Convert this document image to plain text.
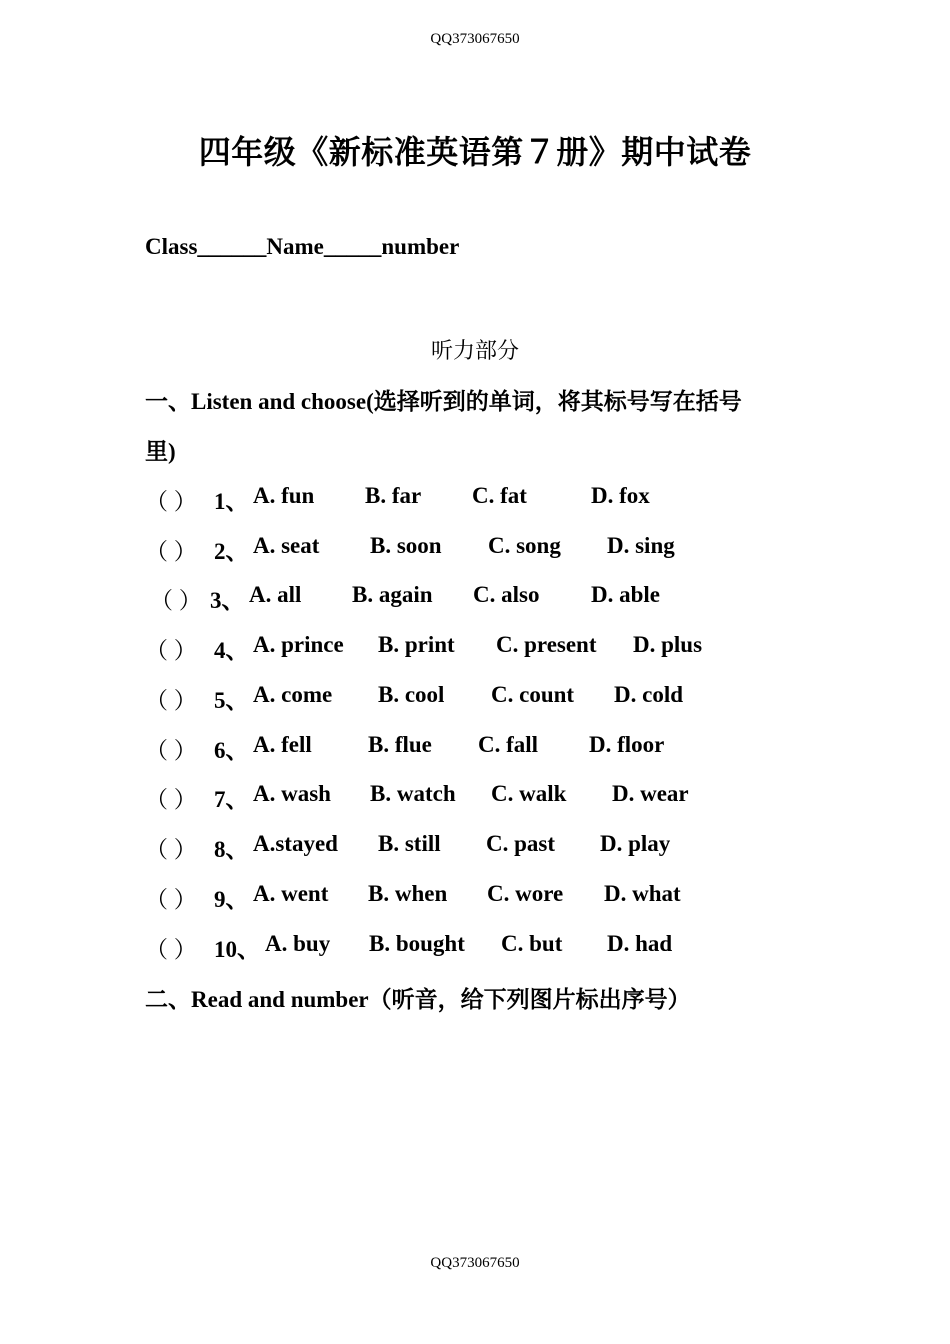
QQ373067650
四年级《新标准英语第７册》期中试卷
Class______Name_____number
听力部分
一、Listen and choose(选择听到的单词，将其标号写在括号
里)
（ ） 1、 A. fun B. far C. fat	D. fox
（ ） 2、 A. seat B. soon C. song D. sing
（ ） 3、 A. all B. again C. also D. able
（ ） 4、 A. prince B. print C. present D. plus
（ ） 5、 A. come B. cool C. count D. cold
（ ） 6、 A. fell B. flue C. fall D. floor
（ ） 7、 A. wash B. watch C. walk D. wear
（ ） 8、 A.stayed B. still C. past D. play
（ ） 9、 A. went B. when C. wore D. what
（ ） 10、 A. buy B. bought C. but D. had
二、Read and number（听音，给下列图片标出序号）
QQ373067650
